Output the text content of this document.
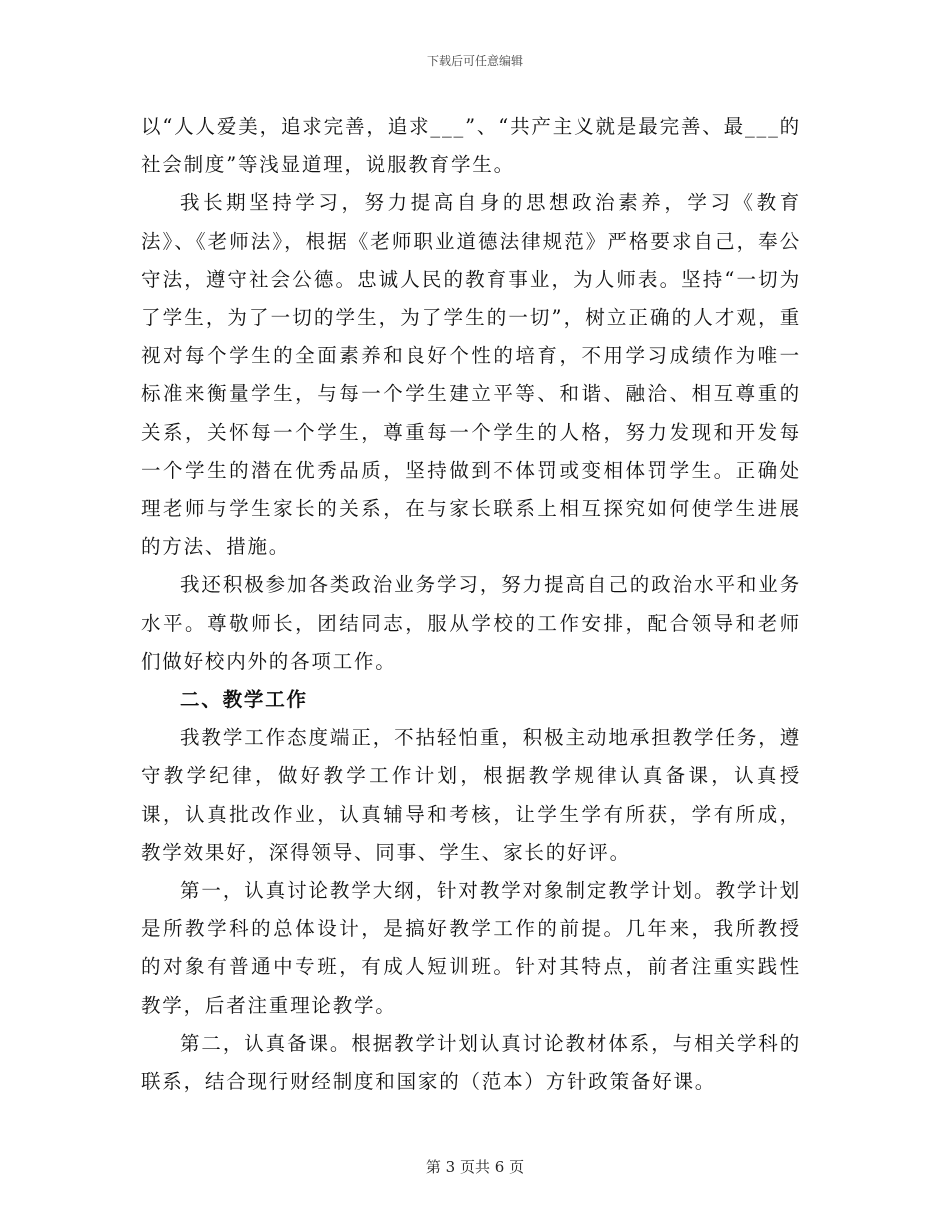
下载后可任意编辑

以“人人爱美，追求完善，追求___”、“共产主义就是最完善、最___的社会制度”等浅显道理，说服教育学生。

我长期坚持学习，努力提高自身的思想政治素养，学习《教育法》、《老师法》，根据《老师职业道德法律规范》严格要求自己，奉公守法，遵守社会公德。忠诚人民的教育事业，为人师表。坚持“一切为了学生，为了一切的学生，为了学生的一切”，树立正确的人才观，重视对每个学生的全面素养和良好个性的培育，不用学习成绩作为唯一标准来衡量学生，与每一个学生建立平等、和谐、融洽、相互尊重的关系，关怀每一个学生，尊重每一个学生的人格，努力发现和开发每一个学生的潜在优秀品质，坚持做到不体罚或变相体罚学生。正确处理老师与学生家长的关系，在与家长联系上相互探究如何使学生进展的方法、措施。

我还积极参加各类政治业务学习，努力提高自己的政治水平和业务水平。尊敬师长，团结同志，服从学校的工作安排，配合领导和老师们做好校内外的各项工作。

二、教学工作

我教学工作态度端正，不拈轻怕重，积极主动地承担教学任务，遵守教学纪律，做好教学工作计划，根据教学规律认真备课，认真授课，认真批改作业，认真辅导和考核，让学生学有所获，学有所成，教学效果好，深得领导、同事、学生、家长的好评。

第一，认真讨论教学大纲，针对教学对象制定教学计划。教学计划是所教学科的总体设计，是搞好教学工作的前提。几年来，我所教授的对象有普通中专班，有成人短训班。针对其特点，前者注重实践性教学，后者注重理论教学。

第二，认真备课。根据教学计划认真讨论教材体系，与相关学科的联系，结合现行财经制度和国家的（范本）方针政策备好课。

第 3 页共 6 页
